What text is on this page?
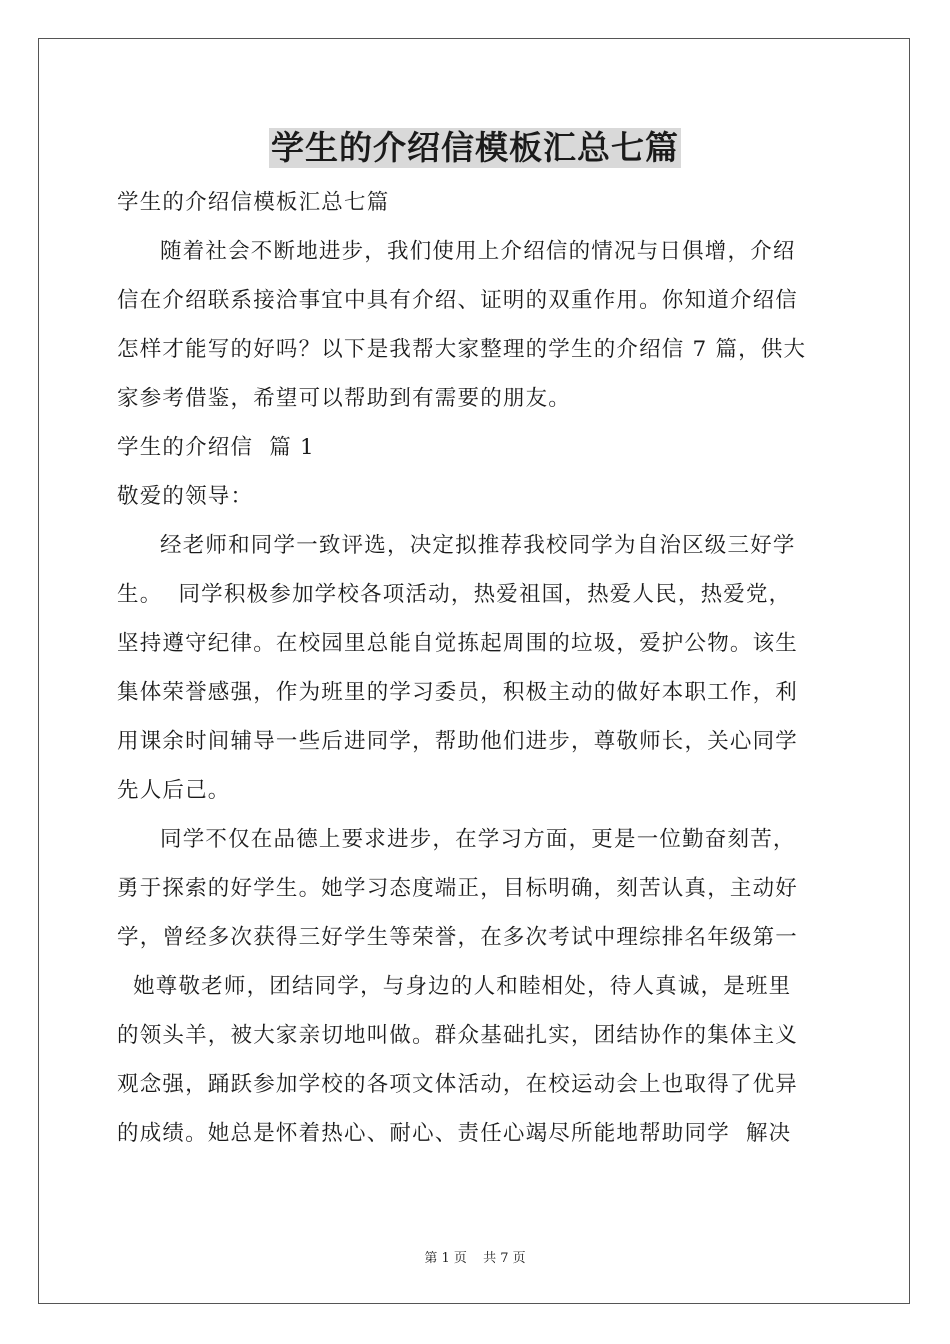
学生的介绍信模板汇总七篇

学生的介绍信模板汇总七篇

随着社会不断地进步，我们使用上介绍信的情况与日俱增，介绍
信在介绍联系接洽事宜中具有介绍、证明的双重作用。你知道介绍信
怎样才能写的好吗？以下是我帮大家整理的学生的介绍信 7 篇，供大
家参考借鉴，希望可以帮助到有需要的朋友。

学生的介绍信  篇 1

敬爱的领导：

经老师和同学一致评选，决定拟推荐我校同学为自治区级三好学
生。  同学积极参加学校各项活动，热爱祖国，热爱人民，热爱党，
坚持遵守纪律。在校园里总能自觉拣起周围的垃圾，爱护公物。该生
集体荣誉感强，作为班里的学习委员，积极主动的做好本职工作，利
用课余时间辅导一些后进同学，帮助他们进步，尊敬师长，关心同学
先人后己。
同学不仅在品德上要求进步，在学习方面，更是一位勤奋刻苦，
勇于探索的好学生。她学习态度端正，目标明确，刻苦认真，主动好
学，曾经多次获得三好学生等荣誉，在多次考试中理综排名年级第一
她尊敬老师，团结同学，与身边的人和睦相处，待人真诚，是班里
的领头羊，被大家亲切地叫做。群众基础扎实，团结协作的集体主义
观念强，踊跃参加学校的各项文体活动，在校运动会上也取得了优异
的成绩。她总是怀着热心、耐心、责任心竭尽所能地帮助同学  解决
第 1 页 共 7 页
